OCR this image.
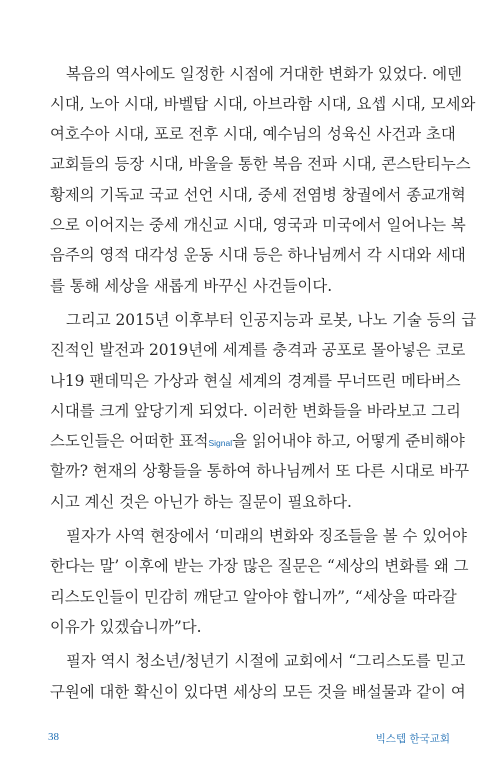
복음의 역사에도 일정한 시점에 거대한 변화가 있었다. 에덴
시대, 노아 시대, 바벨탑 시대, 아브라함 시대, 요셉 시대, 모세와
여호수아 시대, 포로 전후 시대, 예수님의 성육신 사건과 초대
교회들의 등장 시대, 바울을 통한 복음 전파 시대, 콘스탄티누스
황제의 기독교 국교 선언 시대, 중세 전염병 창궐에서 종교개혁
으로 이어지는 중세 개신교 시대, 영국과 미국에서 일어나는 복
음주의 영적 대각성 운동 시대 등은 하나님께서 각 시대와 세대
를 통해 세상을 새롭게 바꾸신 사건들이다.
그리고 2015년 이후부터 인공지능과 로봇, 나노 기술 등의 급
진적인 발전과 2019년에 세계를 충격과 공포로 몰아넣은 코로
나19 팬데믹은 가상과 현실 세계의 경계를 무너뜨린 메타버스
시대를 크게 앞당기게 되었다. 이러한 변화들을 바라보고 그리
스도인들은 어떠한 표적Signal을 읽어내야 하고, 어떻게 준비해야
할까? 현재의 상황들을 통하여 하나님께서 또 다른 시대로 바꾸
시고 계신 것은 아닌가 하는 질문이 필요하다.
필자가 사역 현장에서 ‘미래의 변화와 징조들을 볼 수 있어야
한다는 말’ 이후에 받는 가장 많은 질문은 “세상의 변화를 왜 그
리스도인들이 민감히 깨닫고 알아야 합니까”, “세상을 따라갈
이유가 있겠습니까”다.
필자 역시 청소년/청년기 시절에 교회에서 “그리스도를 믿고
구원에 대한 확신이 있다면 세상의 모든 것을 배설물과 같이 여
38	빅스텝 한국교회
